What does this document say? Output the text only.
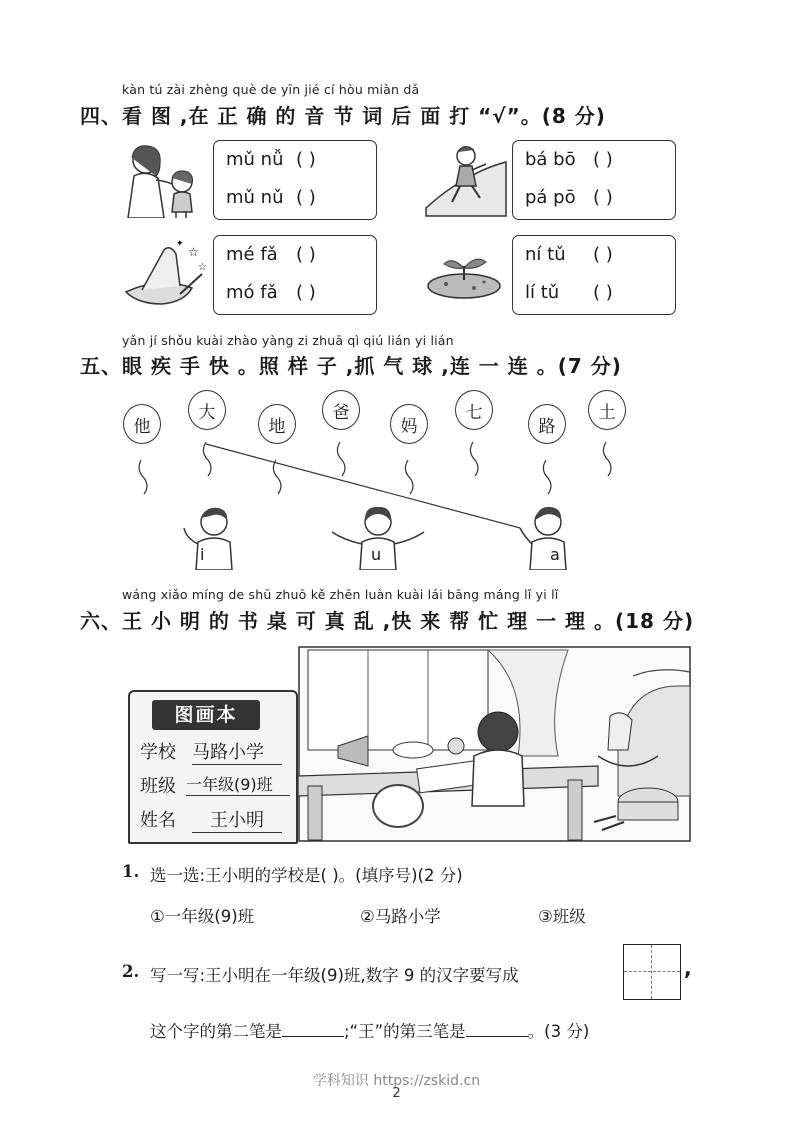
kàn tú zài zhèng què de yīn jié cí hòu miàn dǎ
四、看 图 ,在 正 确 的 音 节 词 后 面 打 “√”。(8 分)
mǔ nǚ ( )
mǔ nǔ ( )
bá bō ( )
pá pō ( )
☆
☆
✦ mé fǎ ( )
mó fǎ ( )
ní tǔ ( )
lí tǔ ( )
yǎn jí shǒu kuài zhào yàng zi zhuā qì qiú lián yi lián
五、眼 疾 手 快 。照 样 子 ,抓 气 球 ,连 一 连 。(7 分)
他
大
地
爸
妈
七
路
土
i	u	a
wáng xiǎo míng de shū zhuō kě zhēn luàn kuài lái bāng máng lǐ yi lǐ
六、王 小 明 的 书 桌 可 真 乱 ,快 来 帮 忙 理 一 理 。(18 分)
图画本
学校 马路小学
班级 一年级(9)班
姓名	王小明
1. 选一选:王小明的学校是( )。(填序号)(2 分)
①一年级(9)班	②马路小学	③班级
2. 写一写:王小明在一年级(9)班,数字 9 的汉字要写成	,
这个字的第二笔是	;“王”的第三笔是	。(3 分)
学科知识 https://zskid.cn
2
